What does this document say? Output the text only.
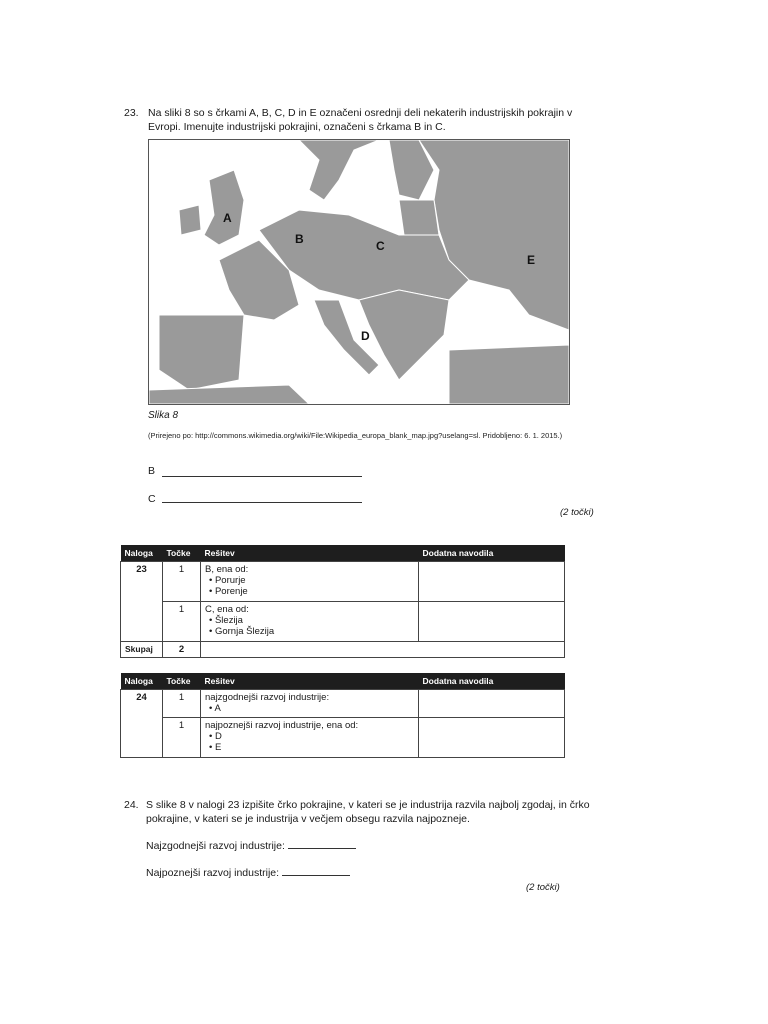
23. Na sliki 8 so s črkami A, B, C, D in E označeni osrednji deli nekaterih industrijskih pokrajin v
Evropi. Imenujte industrijski pokrajini, označeni s črkama B in C.
A
B	C
D
E
Slika 8
(Prirejeno po: http://commons.wikimedia.org/wiki/File:Wikipedia_europa_blank_map.jpg?uselang=sl. Pridobljeno: 6. 1. 2015.)
B
C
(2 točki)
Naloga	Točke	Rešitev	Dodatna navodila
23	1	B, ena od:
• Porurje
• Porenje

	1	C, ena od:
• Šlezija
• Gornja Šlezija

Skupaj	2		
Naloga	Točke	Rešitev	Dodatna navodila
24	1	najzgodnejši razvoj industrije:
• A

	1	najpoznejši razvoj industrije, ena od:
• D
• E

24. S slike 8 v nalogi 23 izpišite črko pokrajine, v kateri se je industrija razvila najbolj zgodaj, in črko
pokrajine, v kateri se je industrija v večjem obsegu razvila najpozneje.
Najzgodnejši razvoj industrije:
Najpoznejši razvoj industrije:
(2 točki)
